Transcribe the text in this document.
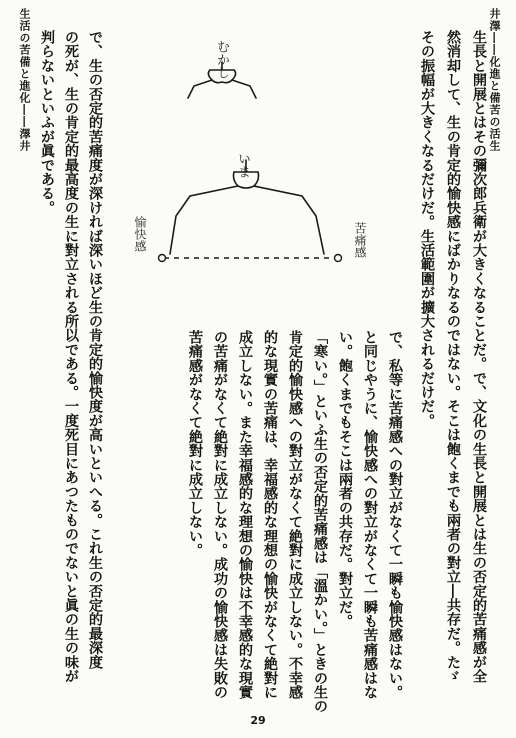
井澤――化進と備苦の活生
生活の苦備と進化――澤井	生長と開展とはその彌次郎兵衛が大きくなることだ。で、文化の生長と開展とは生の否定的苦痛感が全
然消却して、生の肯定的愉快感にばかりなるのではない。そこは飽くまでも兩者の對立―共存だ。たゞ
その振幅が大きくなるだけだ。生活範圍が擴大されるだけだ。
で、私等に苦痛感への對立がなくて一瞬も愉快感はない。
と同じやうに、愉快感への對立がなくて一瞬も苦痛感はな
い。飽くまでもそこは兩者の共存だ。對立だ。
「寒い。」といふ生の否定的苦痛感は「溫かい。」ときの生の
肯定的愉快感への對立がなくて絶對に成立しない。不幸感
的な現實の苦痛は、幸福感的な理想の愉快がなくて絶對に
成立しない。また幸福感的な理想の愉快は不幸感的な現實
の苦痛がなくて絶對に成立しない。成功の愉快感は失敗の
苦痛感がなくて絶對に成立しない。
で、生の否定的苦痛度が深ければ深いほど生の肯定的愉快度が高いといへる。これ生の否定的最深度
の死が、生の肯定的最高度の生に對立される所以である。一度死目にあつたものでないと眞の生の味が
判らないといふが眞である。	むかし
いま
苦痛感
愉快感
29
